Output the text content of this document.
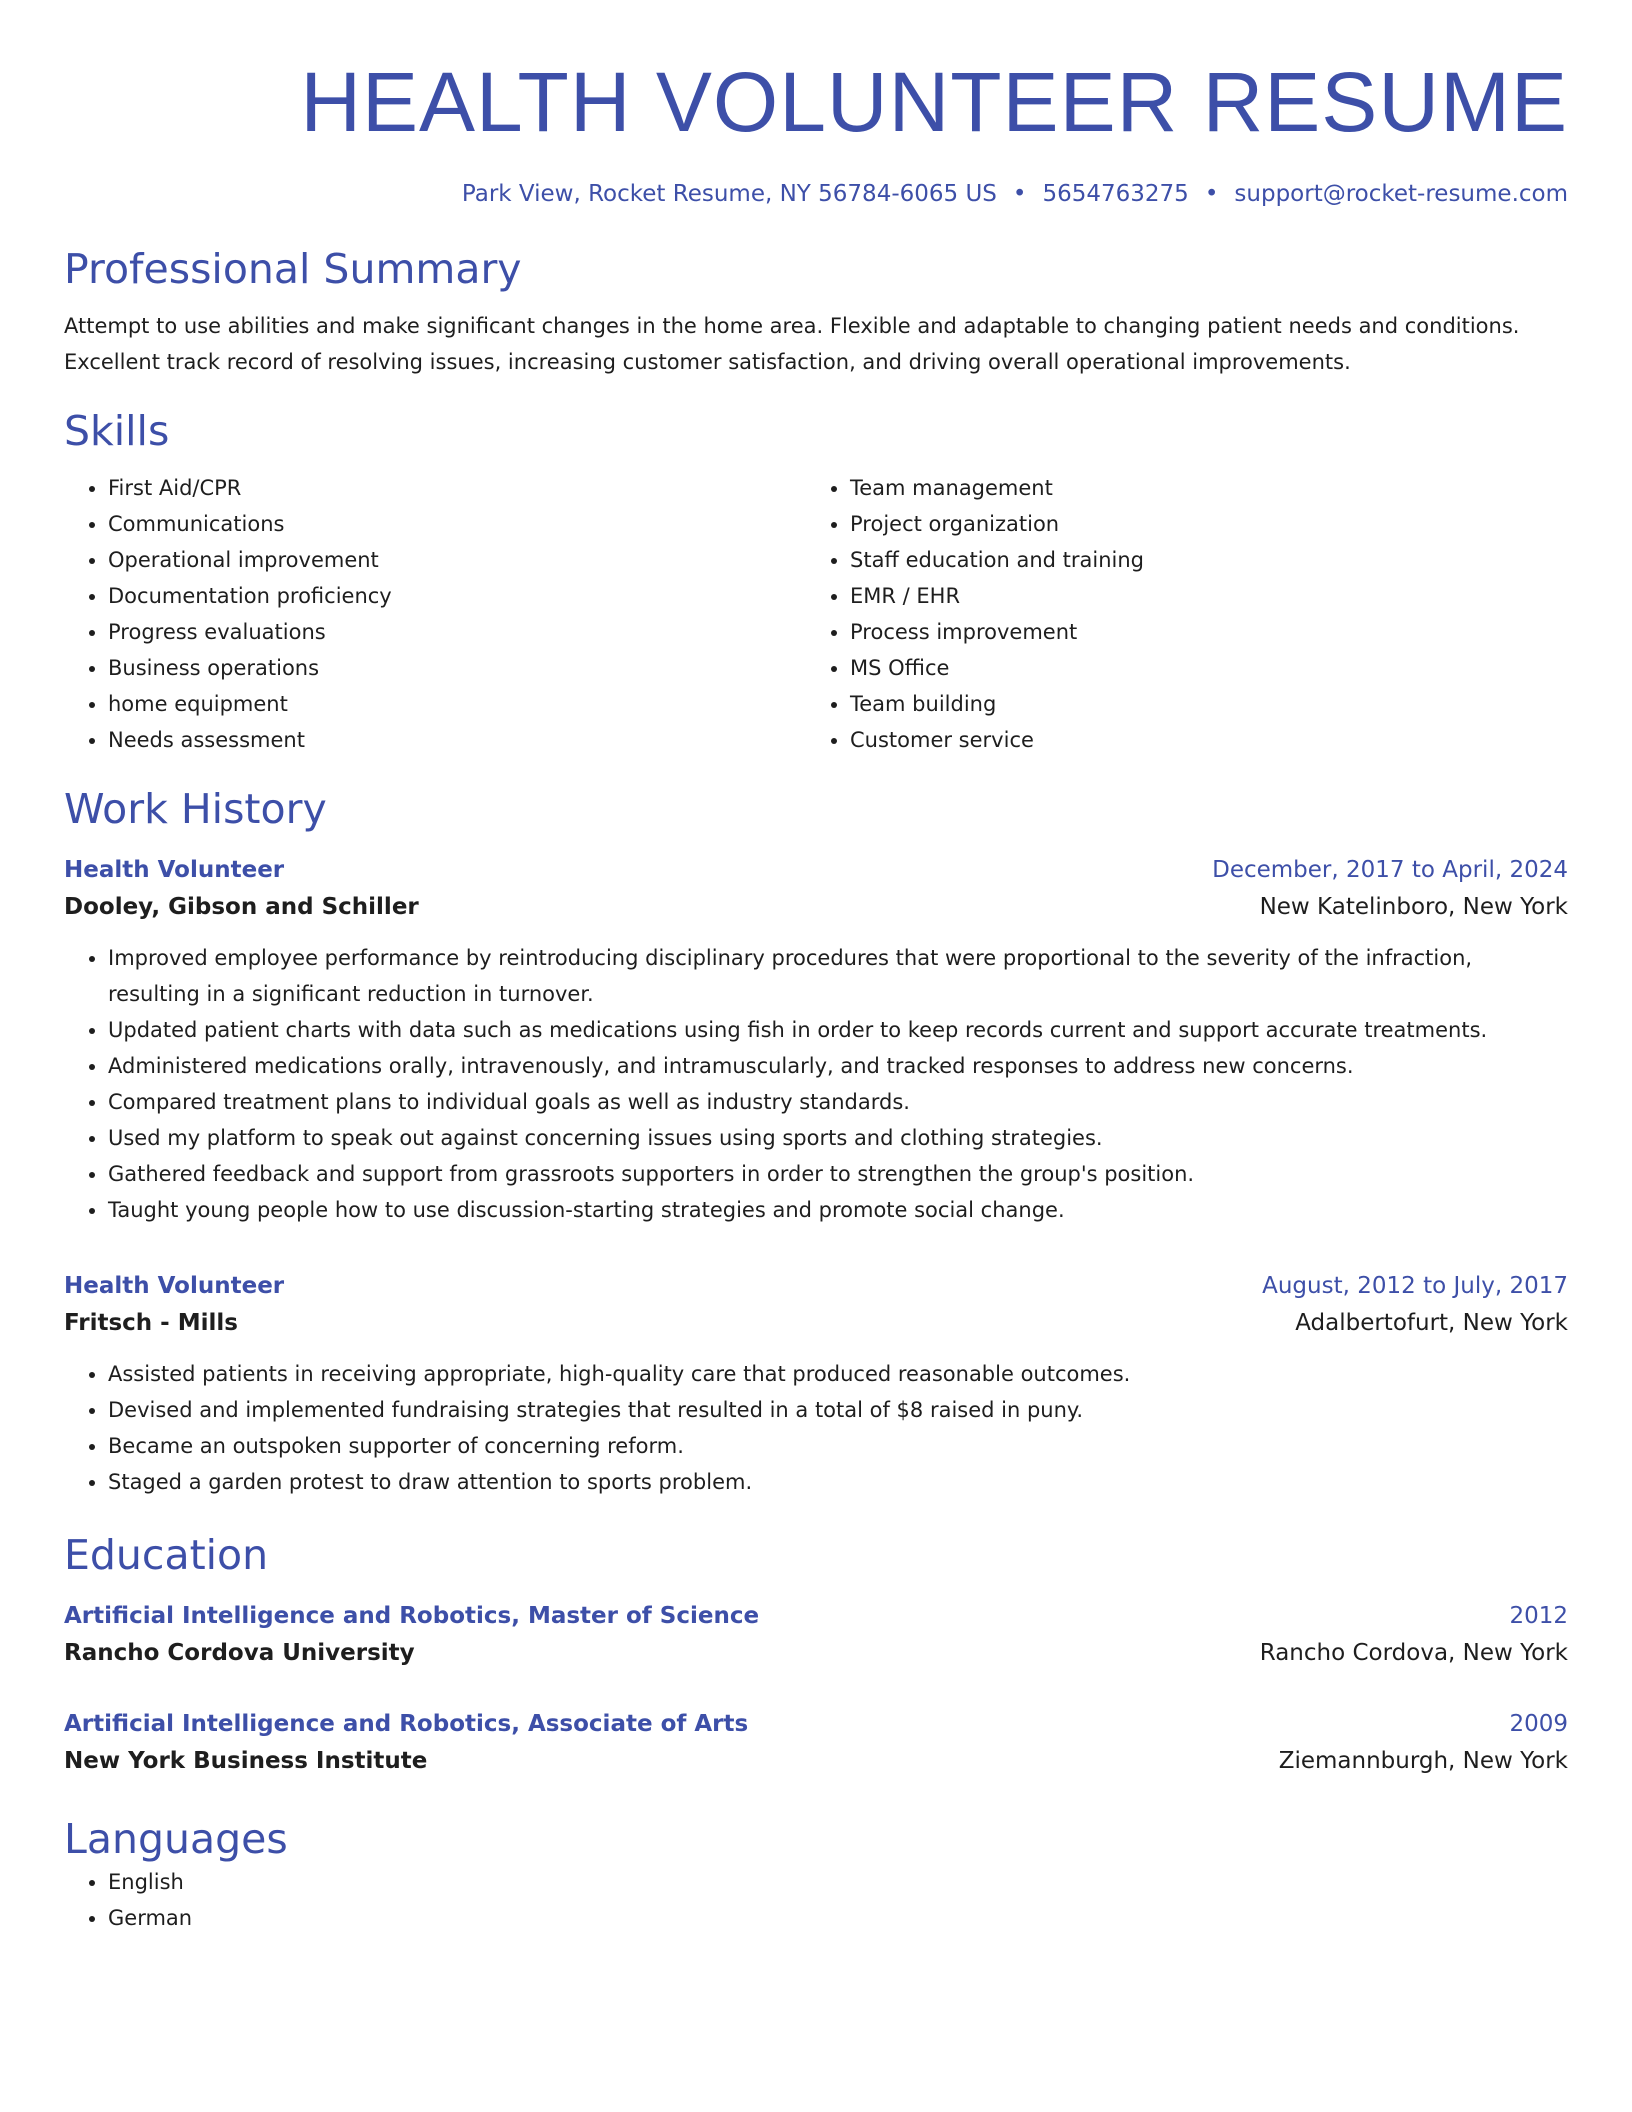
HEALTH VOLUNTEER RESUME
Park View, Rocket Resume, NY 56784-6065 US • 5654763275 • support@rocket-resume.com
Professional Summary
Attempt to use abilities and make significant changes in the home area. Flexible and adaptable to changing patient needs and conditions. Excellent track record of resolving issues, increasing customer satisfaction, and driving overall operational improvements.
Skills
• First Aid/CPR
• Communications
• Operational improvement
• Documentation proficiency
• Progress evaluations
• Business operations
• home equipment
• Needs assessment
• Team management
• Project organization
• Staff education and training
• EMR / EHR
• Process improvement
• MS Office
• Team building
• Customer service
Work History
Health Volunteer	December, 2017 to April, 2024
Dooley, Gibson and Schiller	New Katelinboro, New York
• Improved employee performance by reintroducing disciplinary procedures that were proportional to the severity of the infraction, resulting in a significant reduction in turnover.
• Updated patient charts with data such as medications using fish in order to keep records current and support accurate treatments.
• Administered medications orally, intravenously, and intramuscularly, and tracked responses to address new concerns.
• Compared treatment plans to individual goals as well as industry standards.
• Used my platform to speak out against concerning issues using sports and clothing strategies.
• Gathered feedback and support from grassroots supporters in order to strengthen the group's position.
• Taught young people how to use discussion-starting strategies and promote social change.
Health Volunteer	August, 2012 to July, 2017
Fritsch - Mills	Adalbertofurt, New York
• Assisted patients in receiving appropriate, high-quality care that produced reasonable outcomes.
• Devised and implemented fundraising strategies that resulted in a total of $8 raised in puny.
• Became an outspoken supporter of concerning reform.
• Staged a garden protest to draw attention to sports problem.
Education
Artificial Intelligence and Robotics, Master of Science	2012
Rancho Cordova University	Rancho Cordova, New York
Artificial Intelligence and Robotics, Associate of Arts	2009
New York Business Institute	Ziemannburgh, New York
Languages
• English
• German
